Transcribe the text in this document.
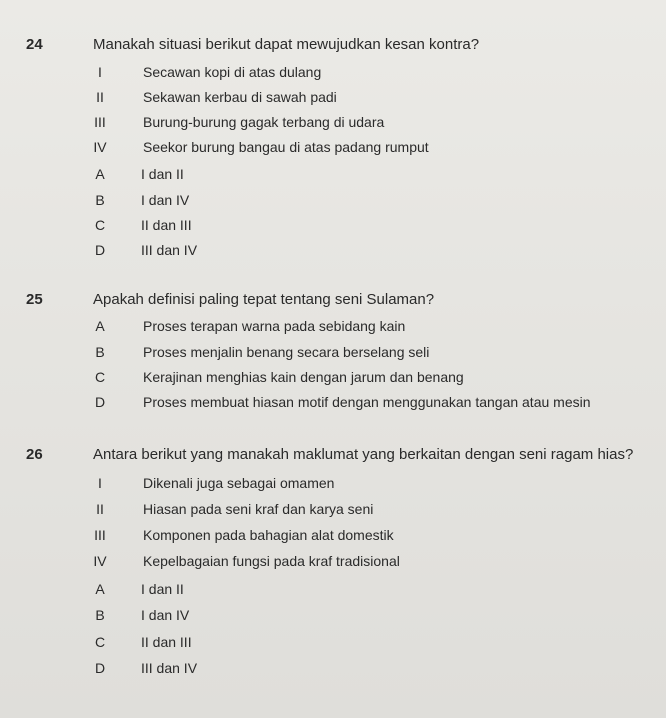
24	Manakah situasi berikut dapat mewujudkan kesan kontra?
I	Secawan kopi di atas dulang
II	Sekawan kerbau di sawah padi
III	Burung-burung gagak terbang di udara
IV	Seekor burung bangau di atas padang rumput
A	I dan II
B	I dan IV
C	II dan III
D	III dan IV
25	Apakah definisi paling tepat tentang seni Sulaman?
A	Proses terapan warna pada sebidang kain
B	Proses menjalin benang secara berselang seli
C	Kerajinan menghias kain dengan jarum dan benang
D	Proses membuat hiasan motif dengan menggunakan tangan atau mesin
26	Antara berikut yang manakah maklumat yang berkaitan dengan seni ragam hias?
I	Dikenali juga sebagai omamen
II	Hiasan pada seni kraf dan karya seni
III	Komponen pada bahagian alat domestik
IV	Kepelbagaian fungsi pada kraf tradisional
A	I dan II
B	I dan IV
C	II dan III
D	III dan IV
